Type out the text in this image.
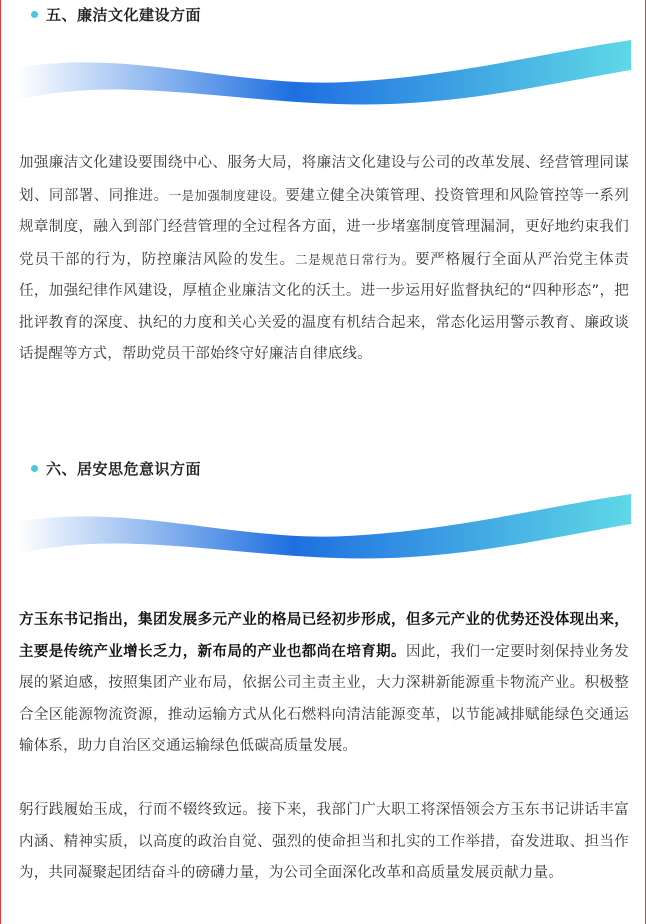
五、廉洁文化建设方面

加强廉洁文化建设要围绕中心、服务大局，将廉洁文化建设与公司的改革发展、经营管理同谋划、同部署、同推进。一是加强制度建设。要建立健全决策管理、投资管理和风险管控等一系列规章制度，融入到部门经营管理的全过程各方面，进一步堵塞制度管理漏洞，更好地约束我们党员干部的行为，防控廉洁风险的发生。二是规范日常行为。要严格履行全面从严治党主体责任，加强纪律作风建设，厚植企业廉洁文化的沃土。进一步运用好监督执纪的“四种形态”，把批评教育的深度、执纪的力度和关心关爱的温度有机结合起来，常态化运用警示教育、廉政谈话提醒等方式，帮助党员干部始终守好廉洁自律底线。

六、居安思危意识方面

方玉东书记指出，集团发展多元产业的格局已经初步形成，但多元产业的优势还没体现出来，主要是传统产业增长乏力，新布局的产业也都尚在培育期。因此，我们一定要时刻保持业务发展的紧迫感，按照集团产业布局，依据公司主责主业，大力深耕新能源重卡物流产业。积极整合全区能源物流资源，推动运输方式从化石燃料向清洁能源变革，以节能减排赋能绿色交通运输体系，助力自治区交通运输绿色低碳高质量发展。

躬行践履始玉成，行而不辍终致远。接下来，我部门广大职工将深悟领会方玉东书记讲话丰富内涵、精神实质，以高度的政治自觉、强烈的使命担当和扎实的工作举措，奋发进取、担当作为，共同凝聚起团结奋斗的磅礴力量，为公司全面深化改革和高质量发展贡献力量。
